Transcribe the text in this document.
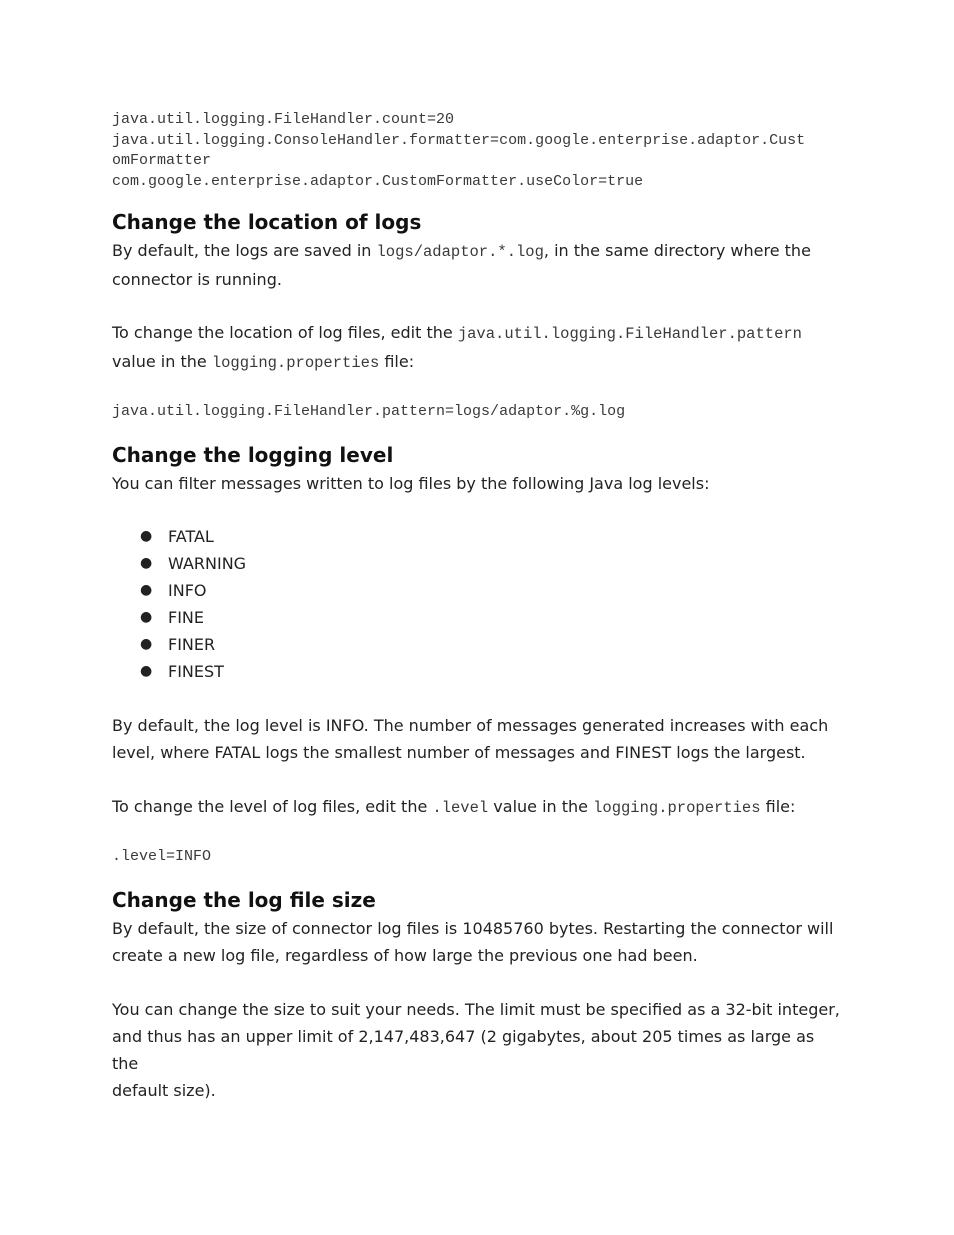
java.util.logging.FileHandler.count=20
java.util.logging.ConsoleHandler.formatter=com.google.enterprise.adaptor.Cust
omFormatter
com.google.enterprise.adaptor.CustomFormatter.useColor=true
Change the location of logs

By default, the logs are saved in logs/adaptor.*.log, in the same directory where the
connector is running.

To change the location of log files, edit the java.util.logging.FileHandler.pattern
value in the logging.properties file:

java.util.logging.FileHandler.pattern=logs/adaptor.%g.log
Change the logging level

You can filter messages written to log files by the following Java log levels:

● FATAL
● WARNING
● INFO
● FINE
● FINER
● FINEST

By default, the log level is INFO. The number of messages generated increases with each
level, where FATAL logs the smallest number of messages and FINEST logs the largest.

To change the level of log files, edit the .level value in the logging.properties file:

.level=INFO
Change the log file size

By default, the size of connector log files is 10485760 bytes. Restarting the connector will
create a new log file, regardless of how large the previous one had been.

You can change the size to suit your needs. The limit must be specified as a 32-bit integer,
and thus has an upper limit of 2,147,483,647 (2 gigabytes, about 205 times as large as the
default size).
